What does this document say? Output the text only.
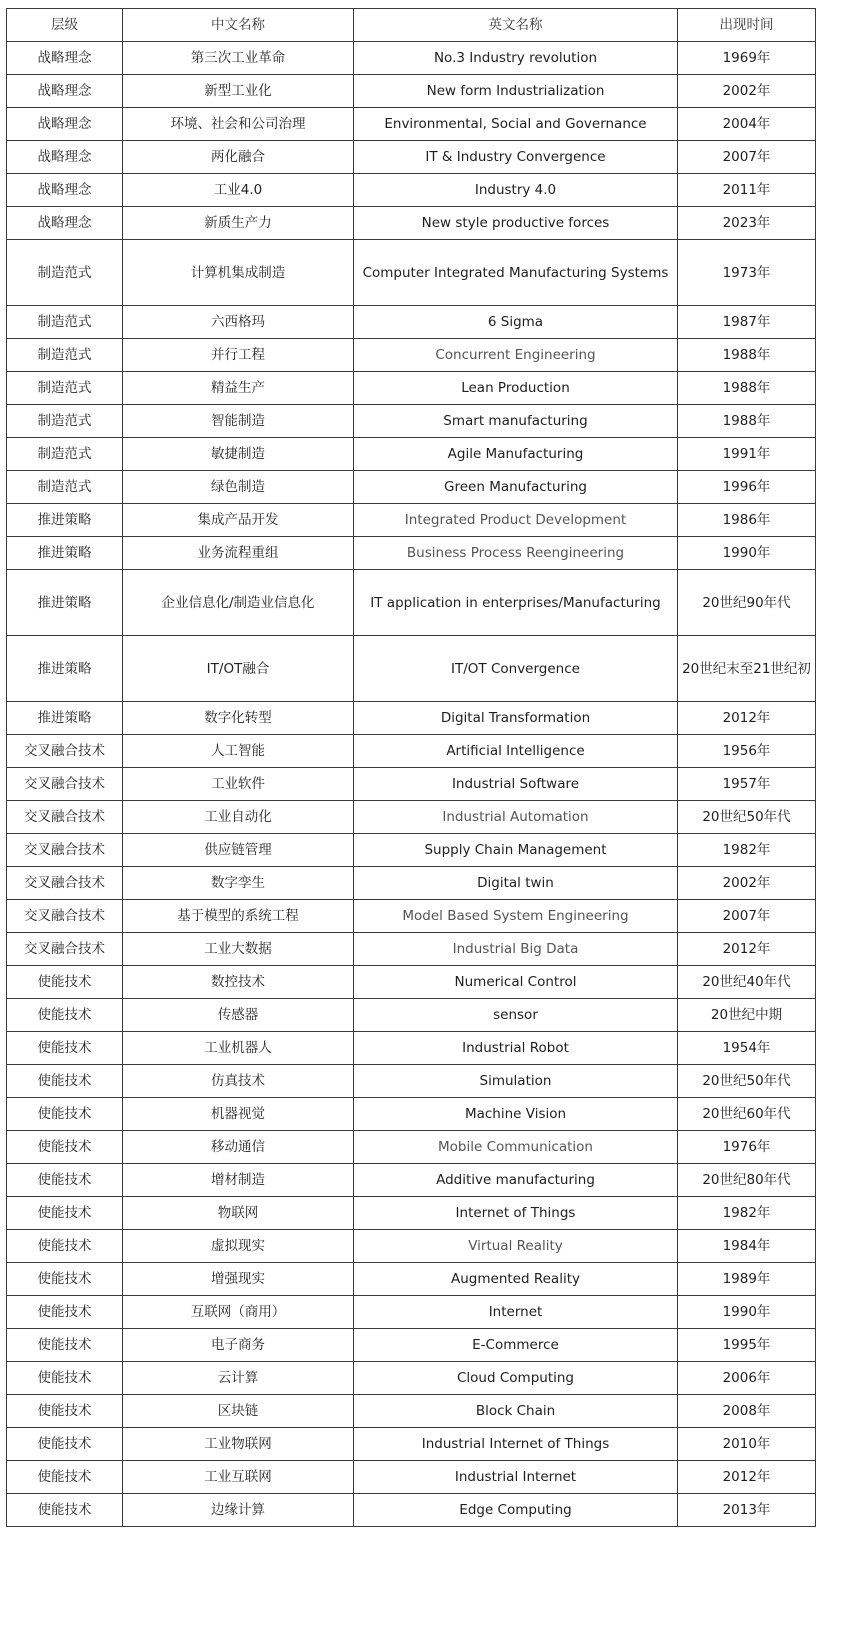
层级	中文名称	英文名称	出现时间
战略理念	第三次工业革命	No.3 Industry revolution	1969年
战略理念	新型工业化	New form Industrialization	2002年
战略理念	环境、社会和公司治理	Environmental, Social and Governance	2004年
战略理念	两化融合	IT & Industry Convergence	2007年
战略理念	工业4.0	Industry 4.0	2011年
战略理念	新质生产力	New style productive forces	2023年
制造范式	计算机集成制造	Computer Integrated Manufacturing Systems	1973年
制造范式	六西格玛	6 Sigma	1987年
制造范式	并行工程	Concurrent Engineering	1988年
制造范式	精益生产	Lean Production	1988年
制造范式	智能制造	Smart manufacturing	1988年
制造范式	敏捷制造	Agile Manufacturing	1991年
制造范式	绿色制造	Green Manufacturing	1996年
推进策略	集成产品开发	Integrated Product Development	1986年
推进策略	业务流程重组	Business Process Reengineering	1990年
推进策略	企业信息化/制造业信息化	IT application in enterprises/Manufacturing	20世纪90年代
推进策略	IT/OT融合	IT/OT Convergence	20世纪末至21世纪初
推进策略	数字化转型	Digital Transformation	2012年
交叉融合技术	人工智能	Artificial Intelligence	1956年
交叉融合技术	工业软件	Industrial Software	1957年
交叉融合技术	工业自动化	Industrial Automation	20世纪50年代
交叉融合技术	供应链管理	Supply Chain Management	1982年
交叉融合技术	数字孪生	Digital twin	2002年
交叉融合技术	基于模型的系统工程	Model Based System Engineering	2007年
交叉融合技术	工业大数据	Industrial Big Data	2012年
使能技术	数控技术	Numerical Control	20世纪40年代
使能技术	传感器	sensor	20世纪中期
使能技术	工业机器人	Industrial Robot	1954年
使能技术	仿真技术	Simulation	20世纪50年代
使能技术	机器视觉	Machine Vision	20世纪60年代
使能技术	移动通信	Mobile Communication	1976年
使能技术	增材制造	Additive manufacturing	20世纪80年代
使能技术	物联网	Internet of Things	1982年
使能技术	虚拟现实	Virtual Reality	1984年
使能技术	增强现实	Augmented Reality	1989年
使能技术	互联网（商用）	Internet	1990年
使能技术	电子商务	E-Commerce	1995年
使能技术	云计算	Cloud Computing	2006年
使能技术	区块链	Block Chain	2008年
使能技术	工业物联网	Industrial Internet of Things	2010年
使能技术	工业互联网	Industrial Internet	2012年
使能技术	边缘计算	Edge Computing	2013年
